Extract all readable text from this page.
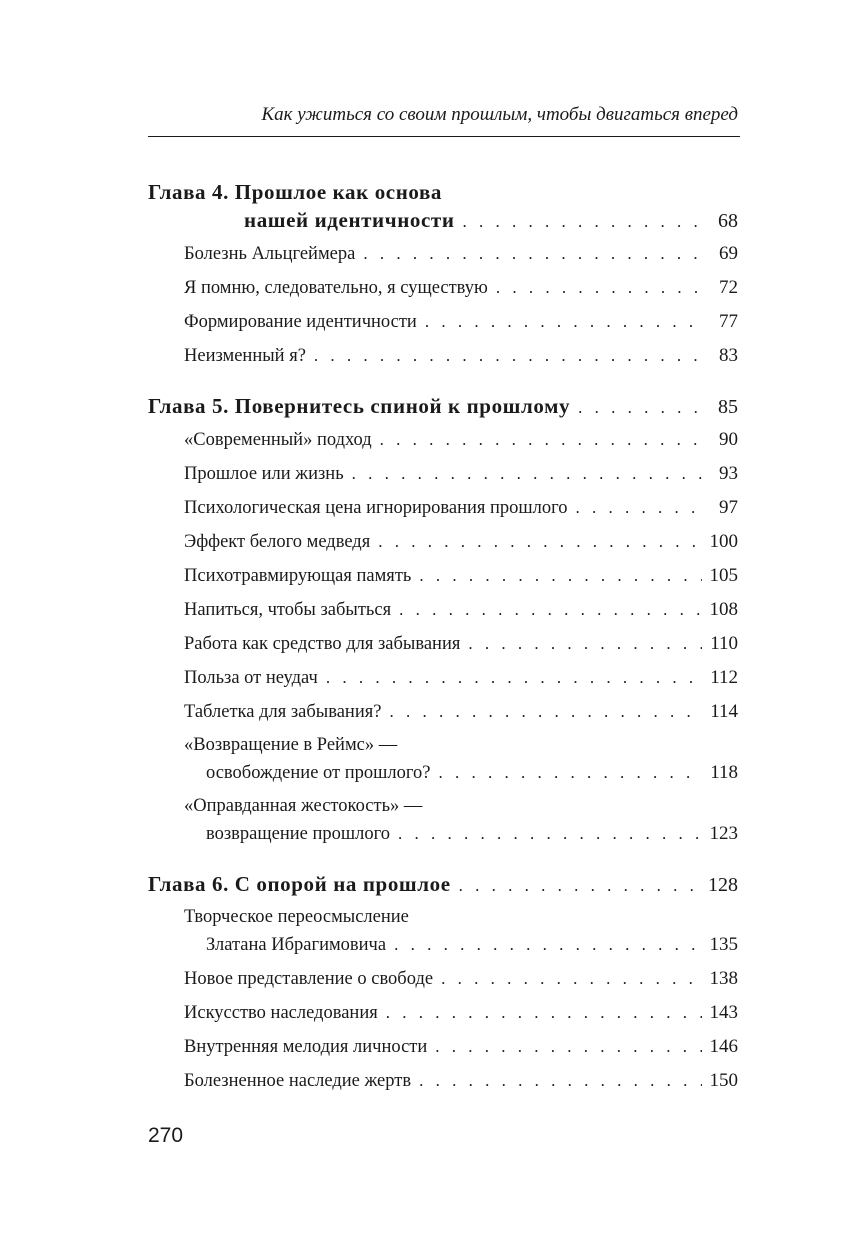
Как ужиться со своим прошлым, чтобы двигаться вперед
Глава 4. Прошлое как основа
нашей идентичности . . .	68
Болезнь Альцгеймера . . .	69
Я помню, следовательно, я существую . . .	72
Формирование идентичности . . .	77
Неизменный я? . . .	83
Глава 5. Повернитесь спиной к прошлому . . .	85
«Современный» подход . . .	90
Прошлое или жизнь . . .	93
Психологическая цена игнорирования прошлого . . .	97
Эффект белого медведя . . .	100
Психотравмирующая память . . .	105
Напиться, чтобы забыться . . .	108
Работа как средство для забывания . . .	110
Польза от неудач . . .	112
Таблетка для забывания? . . .	114
«Возвращение в Реймс» —
освобождение от прошлого? . . .	118
«Оправданная жестокость» —
возвращение прошлого . . .	123
Глава 6. С опорой на прошлое . . .	128
Творческое переосмысление
Златана Ибрагимовича . . .	135
Новое представление о свободе . . .	138
Искусство наследования . . .	143
Внутренняя мелодия личности . . .	146
Болезненное наследие жертв . . .	150
270
